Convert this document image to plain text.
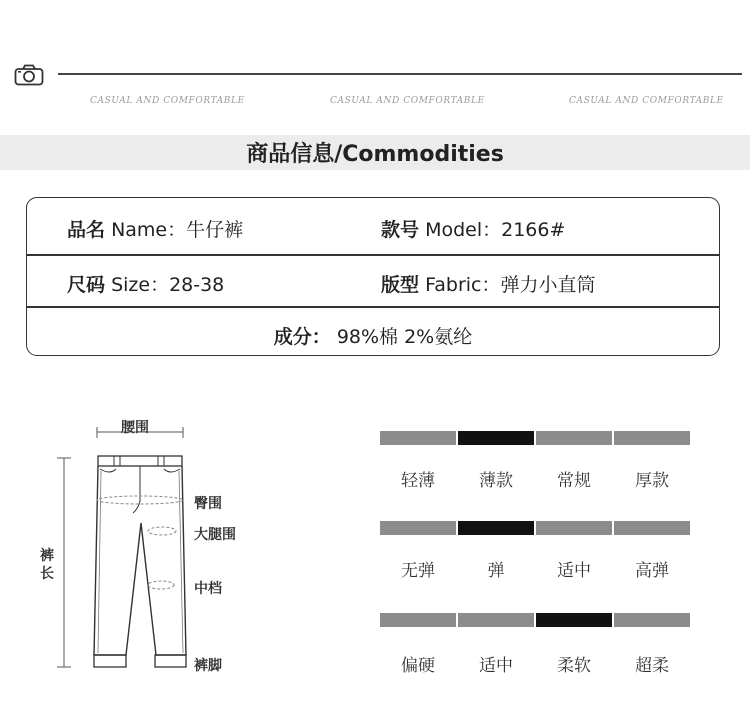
CASUAL AND COMFORTABLE	CASUAL AND COMFORTABLE	CASUAL AND COMFORTABLE
商品信息/Commodities
品名 Name：牛仔裤	款号 Model：2166#
尺码 Size：28-38	版型 Fabric：弹力小直筒
成分： 98%棉 2%氨纶
腰围
臀围
大腿围
中档
裤脚
裤
长
轻薄	薄款	常规	厚款
无弹	弹	适中	高弹
偏硬	适中	柔软	超柔
